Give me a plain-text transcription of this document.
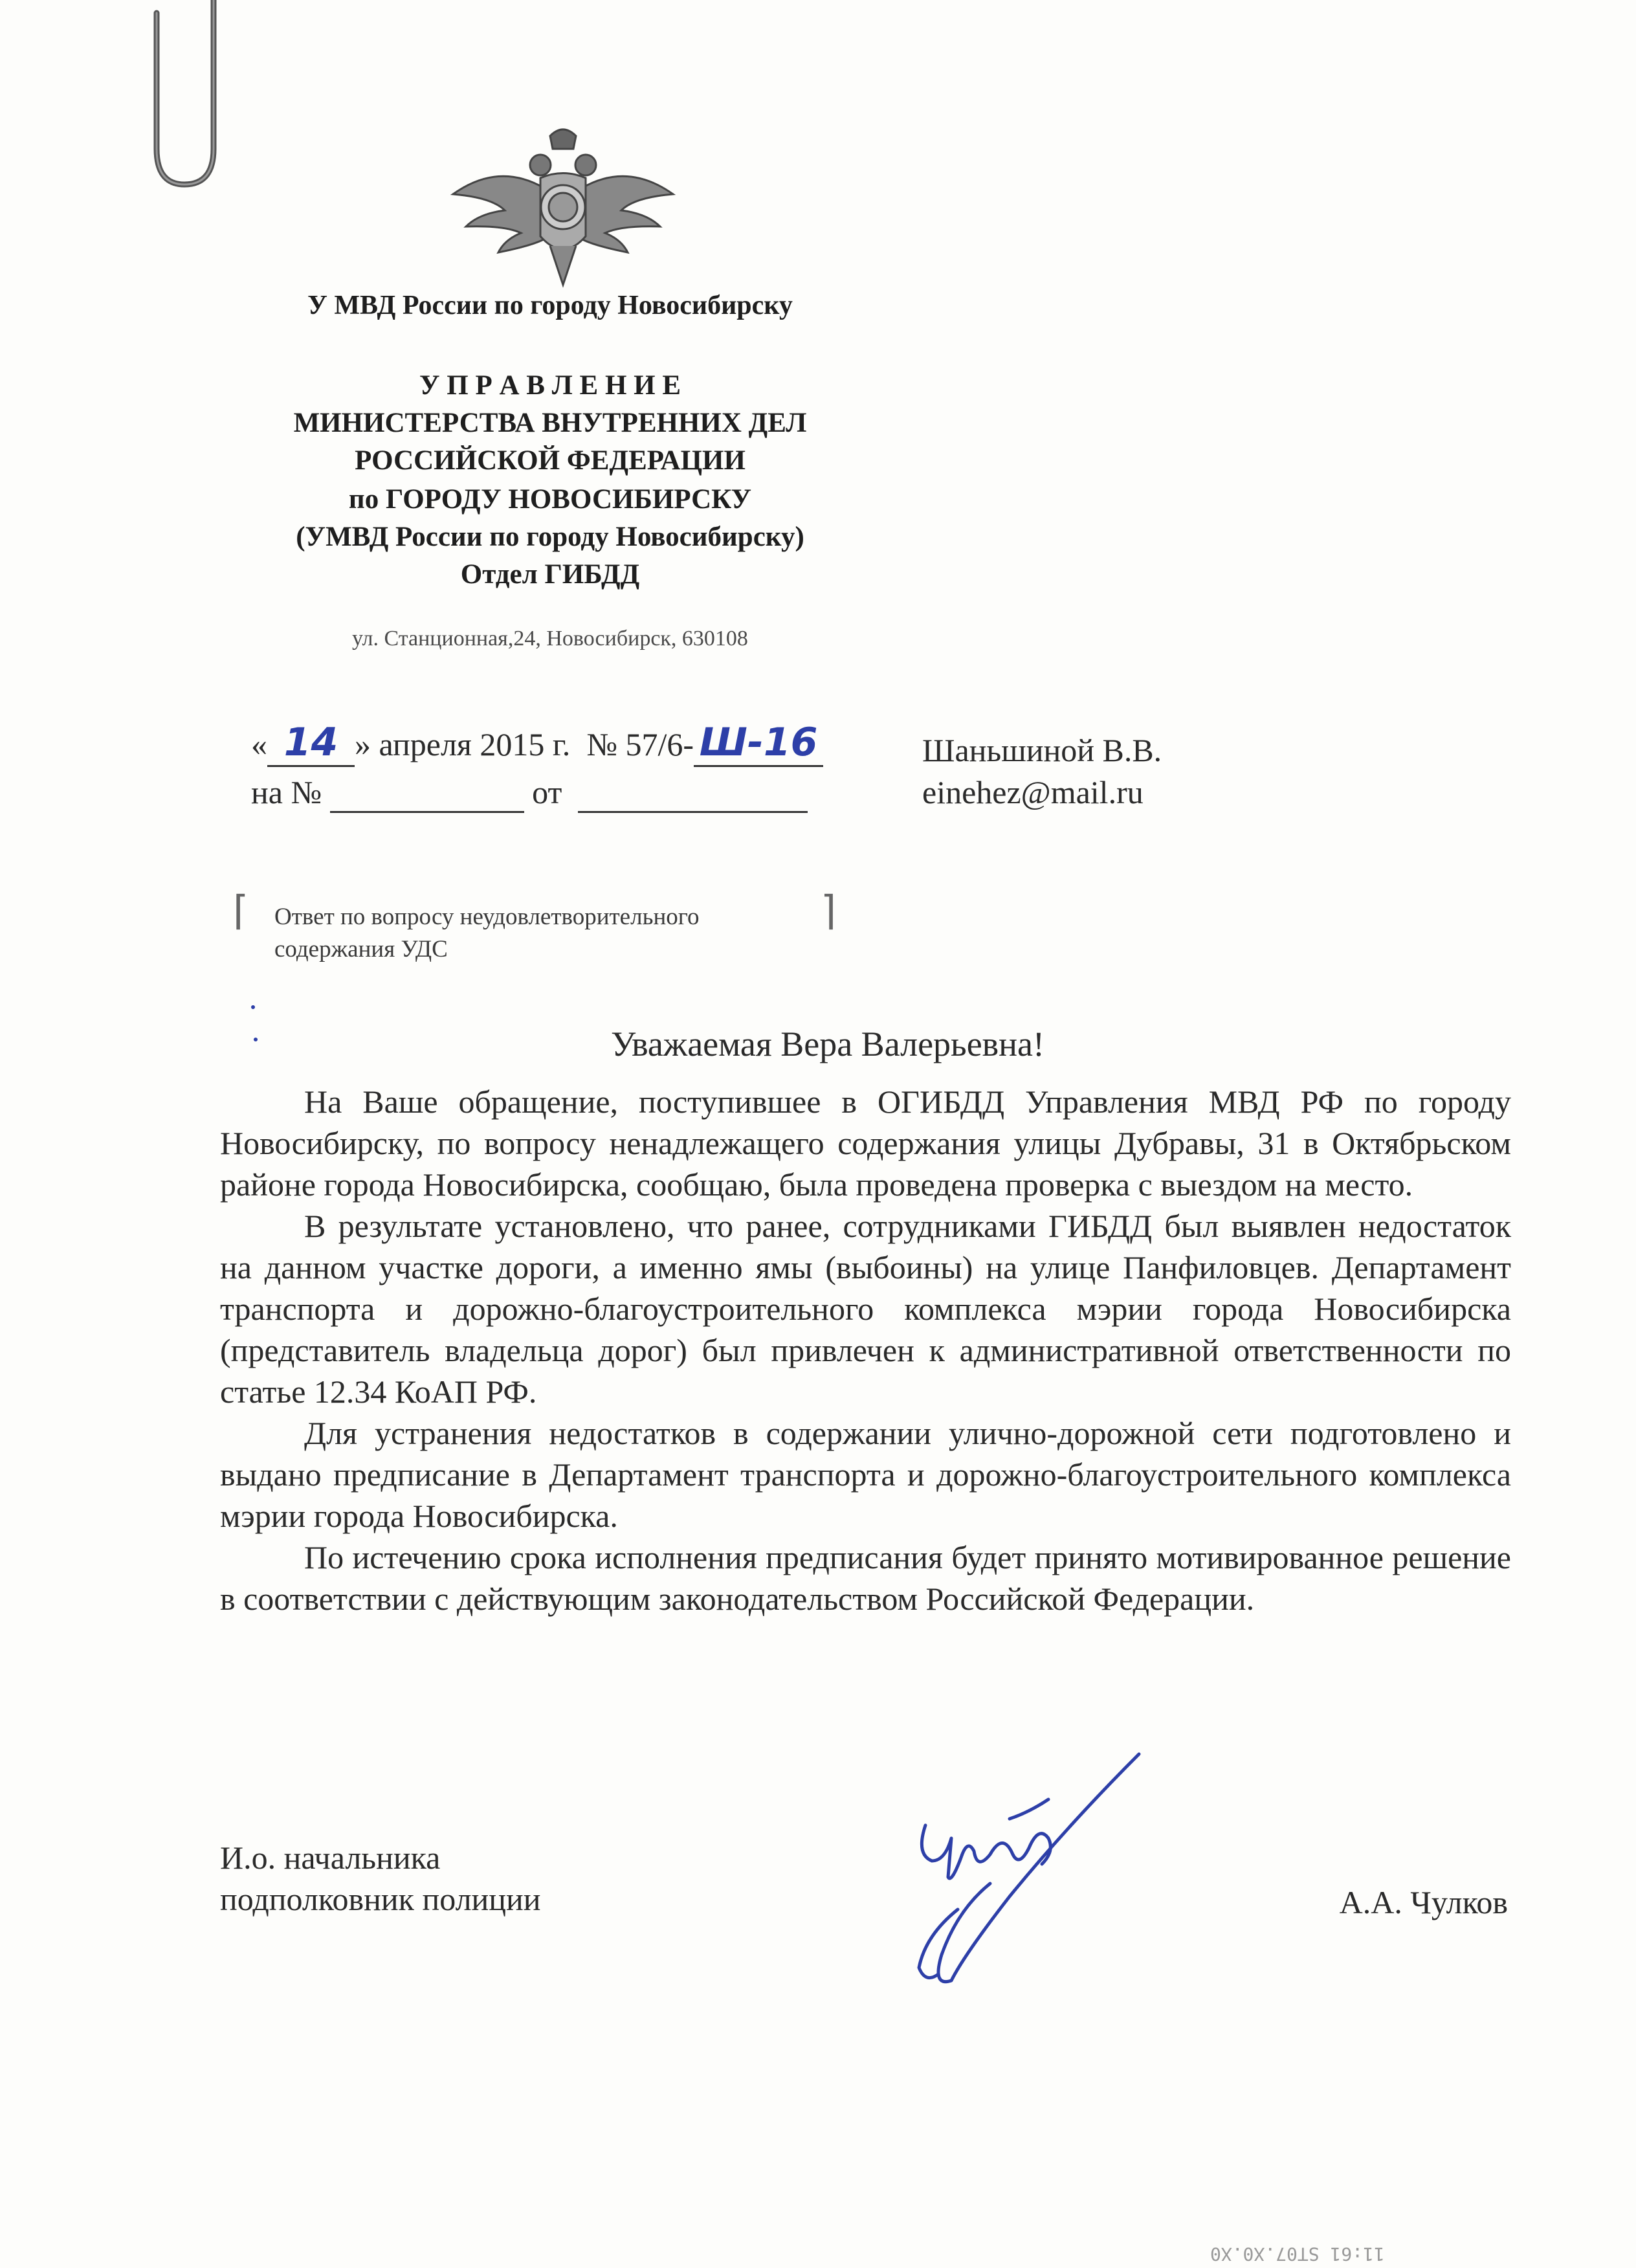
У МВД России по городу Новосибирску
У П Р А В Л Е Н И Е
МИНИСТЕРСТВА ВНУТРЕННИХ ДЕЛ
РОССИЙСКОЙ ФЕДЕРАЦИИ
по ГОРОДУ НОВОСИБИРСКУ
(УМВД России по городу Новосибирску)
Отдел ГИБДД
ул. Станционная,24, Новосибирск, 630108
« 14 » апреля 2015 г. № 57/6- Ш-16
на №	от
Шаньшиной В.В.
einehez@mail.ru
⌈ Ответ по вопросу неудовлетворительного
содержания УДС
⌉
Уважаемая Вера Валерьевна!

На Ваше обращение, поступившее в ОГИБДД Управления МВД РФ по городу Новосибирску, по вопросу ненадлежащего содержания улицы Дубравы, 31 в Октябрьском районе города Новосибирска, сообщаю, была проведена проверка с выездом на место.

В результате установлено, что ранее, сотрудниками ГИБДД был выявлен недостаток на данном участке дороги, а именно ямы (выбоины) на улице Панфиловцев. Департамент транспорта и дорожно-благоустроительного комплекса мэрии города Новосибирска (представитель владельца дорог) был привлечен к административной ответственности по статье 12.34 КоАП РФ.

Для устранения недостатков в содержании улично-дорожной сети подготовлено и выдано предписание в Департамент транспорта и дорожно-благоустроительного комплекса мэрии города Новосибирска.

По истечению срока исполнения предписания будет принято мотивированное решение в соответствии с действующим законодательством Российской Федерации.

И.о. начальника
подполковник полиции	А.А. Чулков
11:61 ST07.X0.X0
